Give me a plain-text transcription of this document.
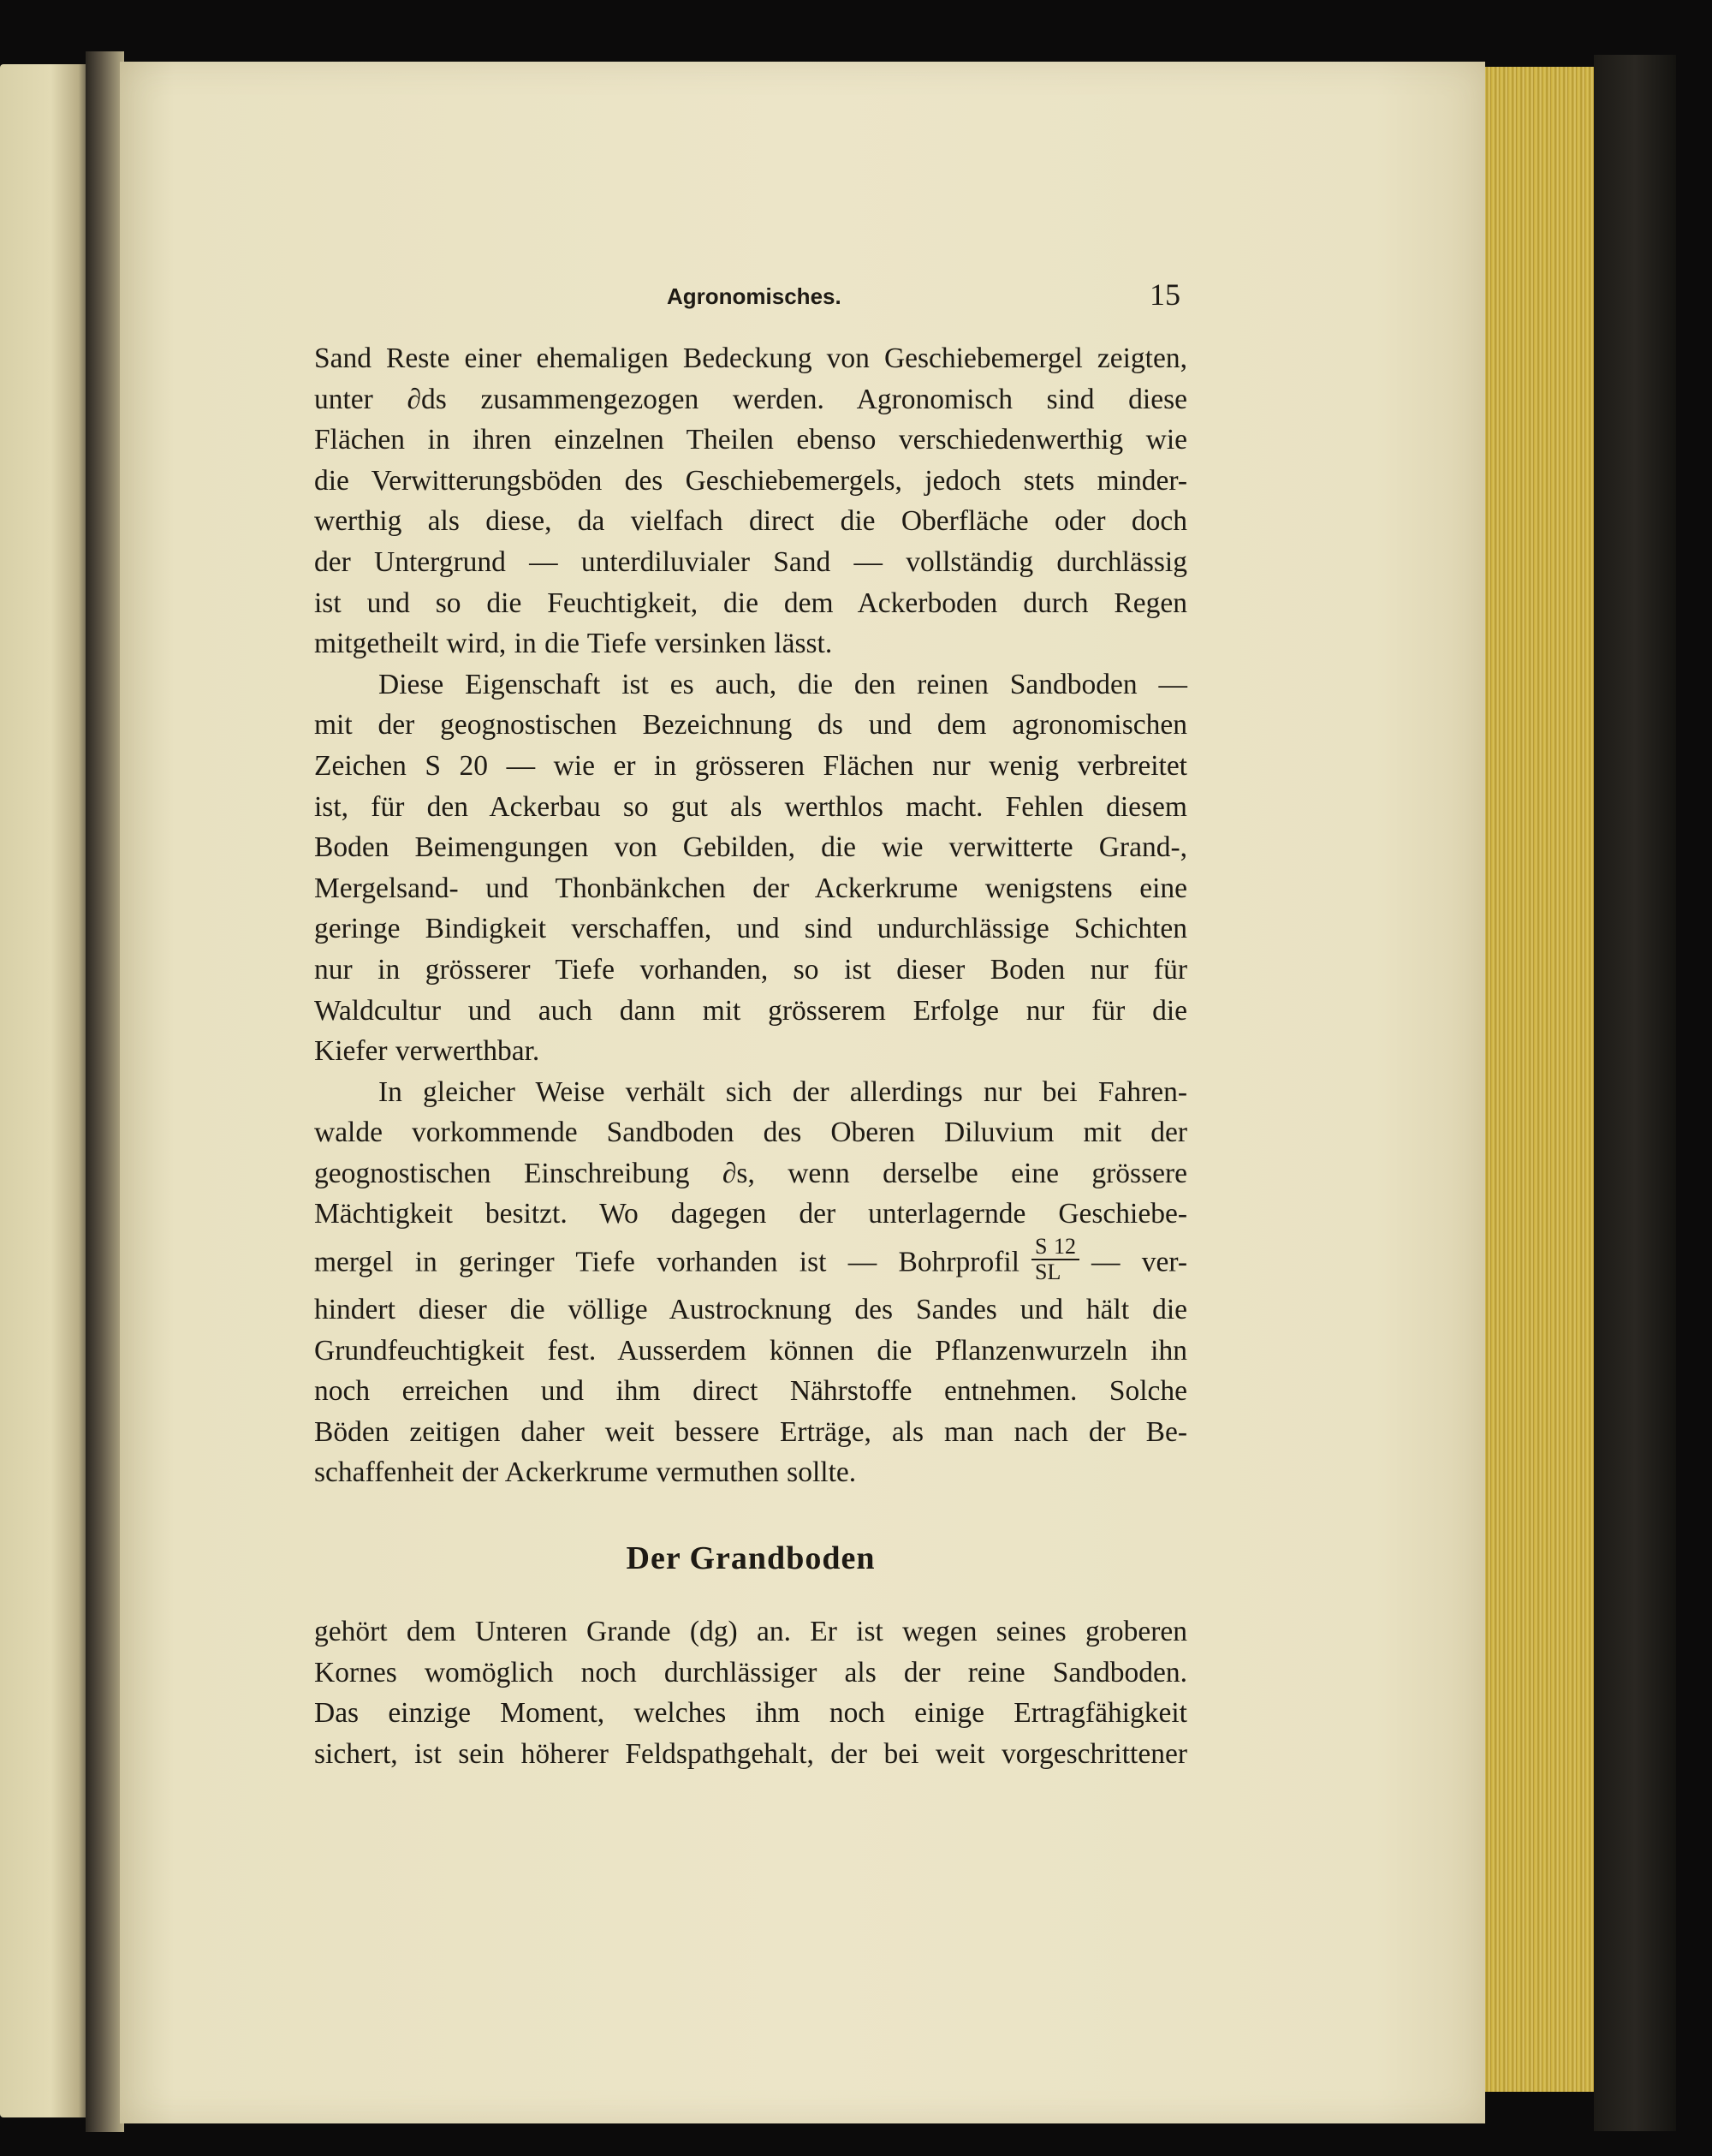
Agronomisches.	15

Sand Reste einer ehemaligen Bedeckung von Geschiebemergel zeigten,
unter ∂ds zusammengezogen werden. Agronomisch sind diese
Flächen in ihren einzelnen Theilen ebenso verschiedenwerthig wie
die Verwitterungsböden des Geschiebemergels, jedoch stets minder-
werthig als diese, da vielfach direct die Oberfläche oder doch
der Untergrund — unterdiluvialer Sand — vollständig durchlässig
ist und so die Feuchtigkeit, die dem Ackerboden durch Regen
mitgetheilt wird, in die Tiefe versinken lässt.

Diese Eigenschaft ist es auch, die den reinen Sandboden —
mit der geognostischen Bezeichnung ds und dem agronomischen
Zeichen S 20 — wie er in grösseren Flächen nur wenig verbreitet
ist, für den Ackerbau so gut als werthlos macht. Fehlen diesem
Boden Beimengungen von Gebilden, die wie verwitterte Grand-,
Mergelsand- und Thonbänkchen der Ackerkrume wenigstens eine
geringe Bindigkeit verschaffen, und sind undurchlässige Schichten
nur in grösserer Tiefe vorhanden, so ist dieser Boden nur für
Waldcultur und auch dann mit grösserem Erfolge nur für die
Kiefer verwerthbar.

In gleicher Weise verhält sich der allerdings nur bei Fahren-
walde vorkommende Sandboden des Oberen Diluvium mit der
geognostischen Einschreibung ∂s, wenn derselbe eine grössere
Mächtigkeit besitzt. Wo dagegen der unterlagernde Geschiebe-
mergel in geringer Tiefe vorhanden ist — Bohrprofil $\frac{S 12}{SL}$ — ver-
hindert dieser die völlige Austrocknung des Sandes und hält die
Grundfeuchtigkeit fest. Ausserdem können die Pflanzenwurzeln ihn
noch erreichen und ihm direct Nährstoffe entnehmen. Solche
Böden zeitigen daher weit bessere Erträge, als man nach der Be-
schaffenheit der Ackerkrume vermuthen sollte.

Der Grandboden

gehört dem Unteren Grande (dg) an. Er ist wegen seines groberen
Kornes womöglich noch durchlässiger als der reine Sandboden.
Das einzige Moment, welches ihm noch einige Ertragfähigkeit
sichert, ist sein höherer Feldspathgehalt, der bei weit vorgeschrittener
